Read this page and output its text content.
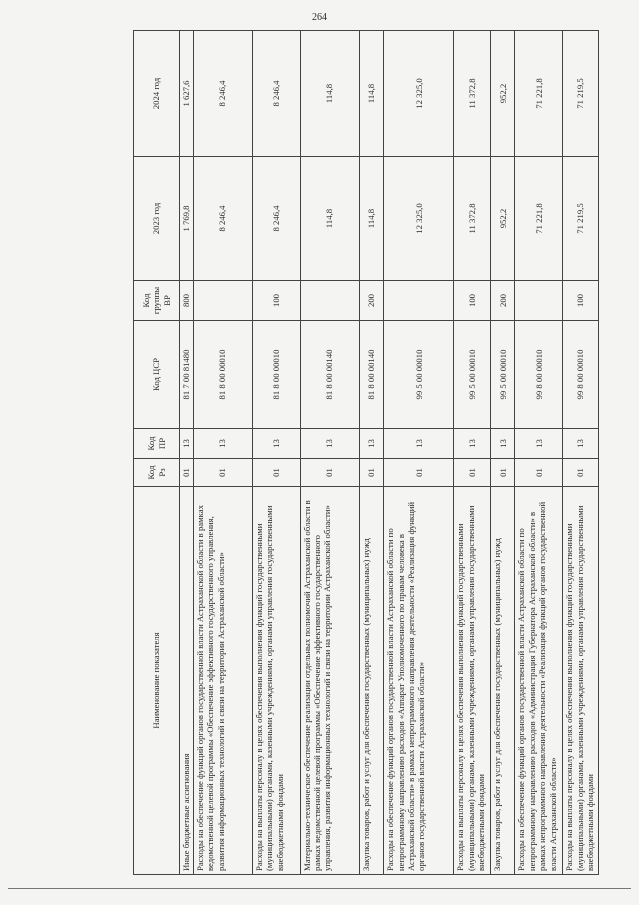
264
Наименование показателя	Код Рз	Код ПР	Код ЦСР	Код группы ВР	2023 год	2024 год
Иные бюджетные ассигнования	01	13	81 7 00 81480	800	1 769,8	1 627,6
Расходы на обеспечение функций органов государственной власти Астраханской области в рамках ведомственной целевой программы «Обеспечение эффективного государственного управления, развития информационных технологий и связи на территории Астраханской области»	01	13	81 8 00 00010		8 246,4	8 246,4
Расходы на выплаты персоналу в целях обеспечения выполнения функций государственными (муниципальными) органами, казенными учреждениями, органами управления государственными внебюджетными фондами	01	13	81 8 00 00010	100	8 246,4	8 246,4
Материально-техническое обеспечение реализации отдельных полномочий Астраханской области в рамках ведомственной целевой программы «Обеспечение эффективного государственного управления, развития информационных технологий и связи на территории Астраханской области»	01	13	81 8 00 00140		114,8	114,8
Закупка товаров, работ и услуг для обеспечения государственных (муниципальных) нужд	01	13	81 8 00 00140	200	114,8	114,8
Расходы на обеспечение функций органов государственной власти Астраханской области по непрограммному направлению расходов «Аппарат Уполномоченного по правам человека в Астраханской области» в рамках непрограммного направления деятельности «Реализация функций органов государственной власти Астраханской области»	01	13	99 5 00 00010		12 325,0	12 325,0
Расходы на выплаты персоналу в целях обеспечения выполнения функций государственными (муниципальными) органами, казенными учреждениями, органами управления государственными внебюджетными фондами	01	13	99 5 00 00010	100	11 372,8	11 372,8
Закупка товаров, работ и услуг для обеспечения государственных (муниципальных) нужд	01	13	99 5 00 00010	200	952,2	952,2
Расходы на обеспечение функций органов государственной власти Астраханской области по непрограммному направлению расходов «Администрация Губернатора Астраханской области» в рамках непрограммного направления деятельности «Реализация функций органов государственной власти Астраханской области»	01	13	99 8 00 00010		71 221,8	71 221,8
Расходы на выплаты персоналу в целях обеспечения выполнения функций государственными (муниципальными) органами, казенными учреждениями, органами управления государственными внебюджетными фондами	01	13	99 8 00 00010	100	71 219,5	71 219,5
